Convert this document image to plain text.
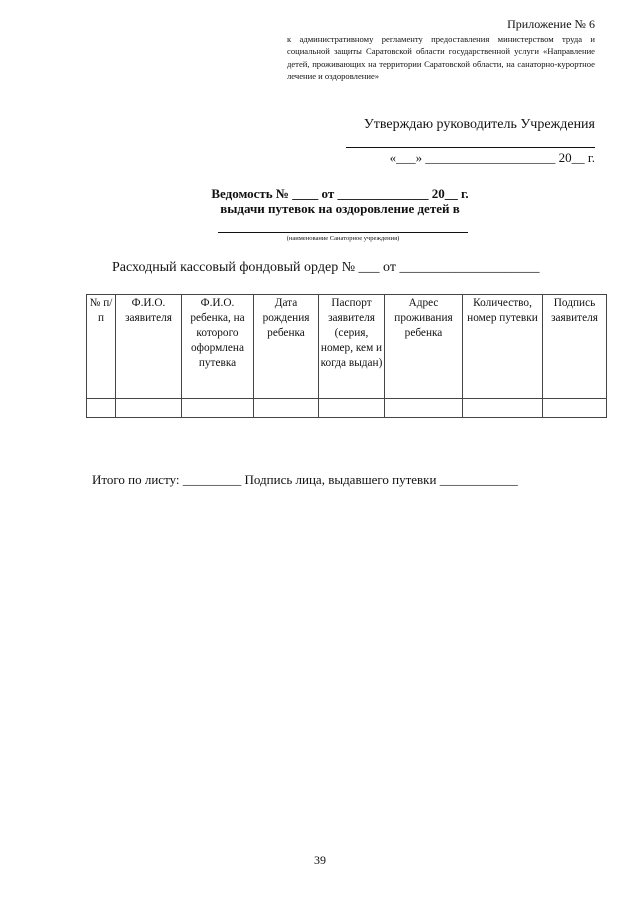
Приложение № 6
к административному регламенту предоставления министерством труда и социальной защиты Саратовской области государственной услуги «Направление детей, проживающих на территории Саратовской области, на санаторно-курортное лечение и оздоровление»
Утверждаю руководитель Учреждения
«___» ____________________ 20__ г.
Ведомость № ____ от ______________ 20__ г.
выдачи путевок на оздоровление детей в
(наименование Санаторное учреждения)
Расходный кассовый фондовый ордер № ___ от ____________________
№ п/п	Ф.И.О. заявителя	Ф.И.О. ребенка, на которого оформлена путевка	Дата рождения ребенка	Паспорт заявителя (серия, номер, кем и когда выдан)	Адрес проживания ребенка	Количество, номер путевки	Подпись заявителя

Итого по листу: _________ Подпись лица, выдавшего путевки ____________
39
